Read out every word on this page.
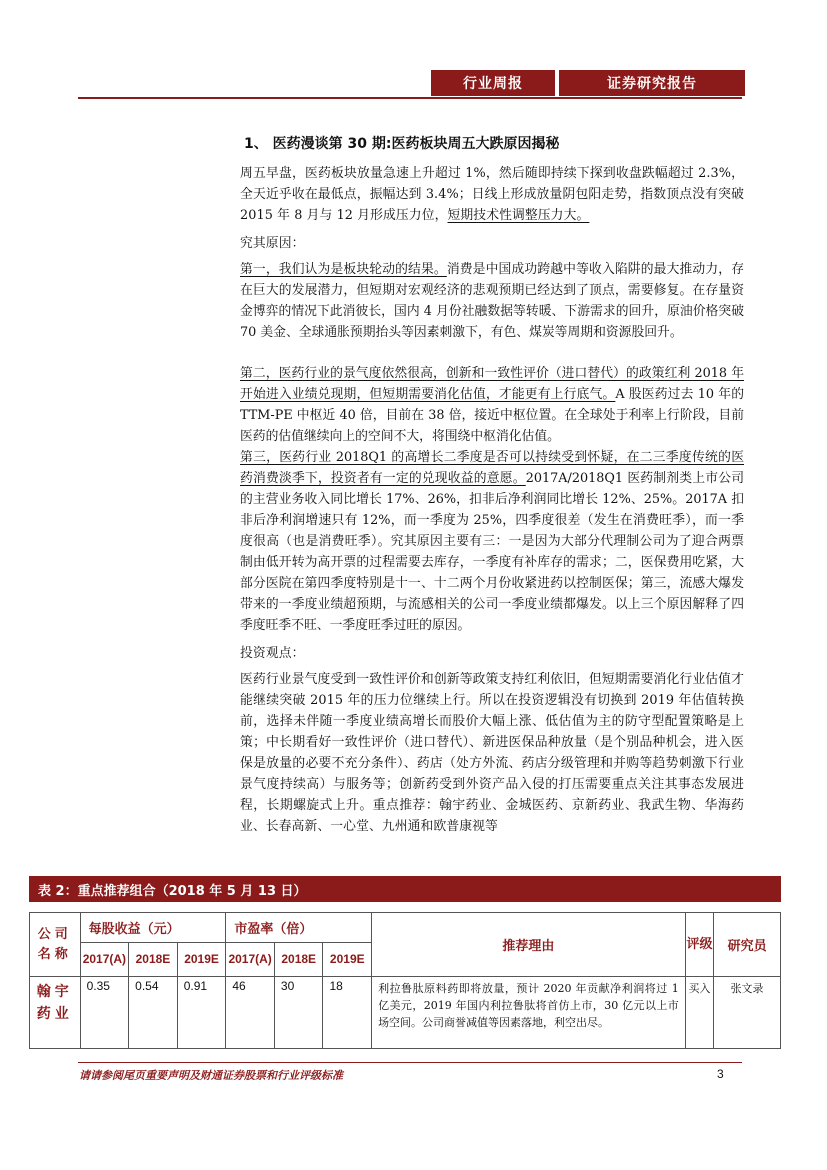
行业周报	证券研究报告
1、 医药漫谈第 30 期:医药板块周五大跌原因揭秘
周五早盘，医药板块放量急速上升超过 1%，然后随即持续下探到收盘跌幅超过 2.3%，全天近乎收在最低点，振幅达到 3.4%；日线上形成放量阴包阳走势，指数顶点没有突破 2015 年 8 月与 12 月形成压力位，短期技术性调整压力大。
究其原因：
第一，我们认为是板块轮动的结果。消费是中国成功跨越中等收入陷阱的最大推动力，存在巨大的发展潜力，但短期对宏观经济的悲观预期已经达到了顶点，需要修复。在存量资金博弈的情况下此消彼长，国内 4 月份社融数据等转暖、下游需求的回升，原油价格突破 70 美金、全球通胀预期抬头等因素刺激下，有色、煤炭等周期和资源股回升。
第二，医药行业的景气度依然很高，创新和一致性评价（进口替代）的政策红利 2018 年开始进入业绩兑现期，但短期需要消化估值，才能更有上行底气。A 股医药过去 10 年的 TTM-PE 中枢近 40 倍，目前在 38 倍，接近中枢位置。在全球处于利率上行阶段，目前医药的估值继续向上的空间不大，将围绕中枢消化估值。
第三，医药行业 2018Q1 的高增长二季度是否可以持续受到怀疑，在二三季度传统的医药消费淡季下，投资者有一定的兑现收益的意愿。2017A/2018Q1 医药制剂类上市公司的主营业务收入同比增长 17%、26%，扣非后净利润同比增长 12%、25%。2017A 扣非后净利润增速只有 12%，而一季度为 25%，四季度很差（发生在消费旺季），而一季度很高（也是消费旺季）。究其原因主要有三：一是因为大部分代理制公司为了迎合两票制由低开转为高开票的过程需要去库存，一季度有补库存的需求；二，医保费用吃紧，大部分医院在第四季度特别是十一、十二两个月份收紧进药以控制医保；第三，流感大爆发带来的一季度业绩超预期，与流感相关的公司一季度业绩都爆发。以上三个原因解释了四季度旺季不旺、一季度旺季过旺的原因。
投资观点：
医药行业景气度受到一致性评价和创新等政策支持红利依旧，但短期需要消化行业估值才能继续突破 2015 年的压力位继续上行。所以在投资逻辑没有切换到 2019 年估值转换前，选择未伴随一季度业绩高增长而股价大幅上涨、低估值为主的防守型配置策略是上策；中长期看好一致性评价（进口替代）、新进医保品种放量（是个别品种机会，进入医保是放量的必要不充分条件）、药店（处方外流、药店分级管理和并购等趋势刺激下行业景气度持续高）与服务等；创新药受到外资产品入侵的打压需要重点关注其事态发展进程，长期螺旋式上升。重点推荐：翰宇药业、金城医药、京新药业、我武生物、华海药业、长春高新、一心堂、九州通和欧普康视等
表 2：重点推荐组合（2018 年 5 月 13 日）
公司名称	每股收益（元）			市盈率（倍）			推荐理由	评级	研究员
	2017(A)	2018E	2019E	2017(A)	2018E	2019E			
翰宇药业	0.35	0.54	0.91	46	30	18	利拉鲁肽原料药即将放量，预计 2020 年贡献净利润将过 1 亿美元，2019 年国内利拉鲁肽将首仿上市，30 亿元以上市场空间。公司商誉减值等因素落地，利空出尽。	买入	张文录
请请参阅尾页重要声明及财通证券股票和行业评级标准	3
